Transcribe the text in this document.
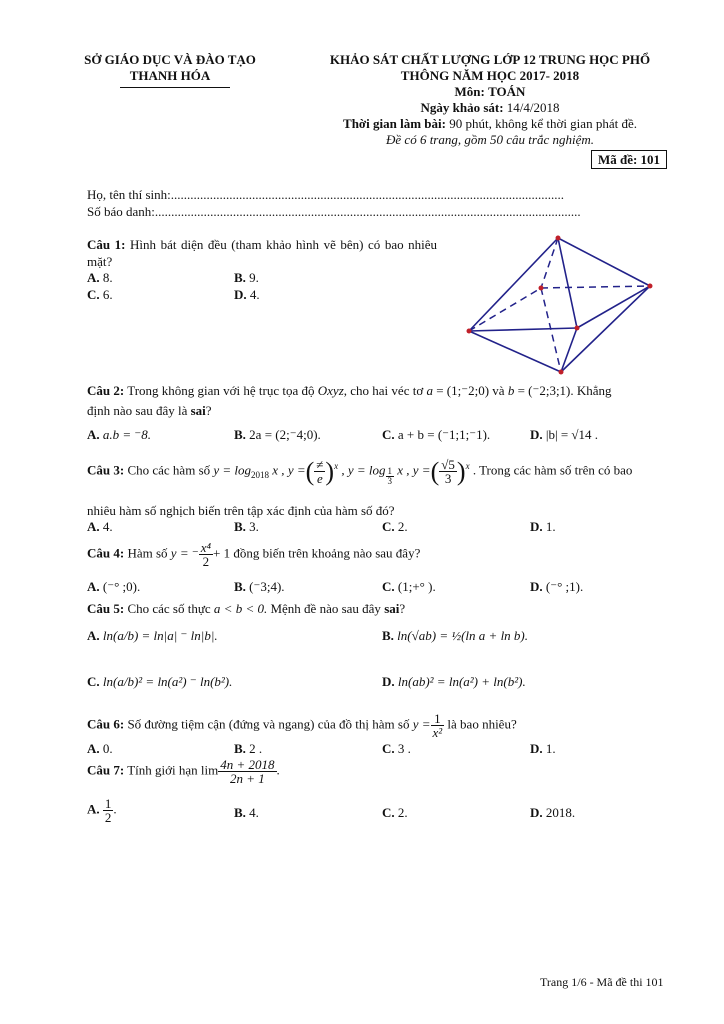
SỞ GIÁO DỤC VÀ ĐÀO TẠO
THANH HÓA
KHẢO SÁT CHẤT LƯỢNG LỚP 12 TRUNG HỌC PHỔ
THÔNG NĂM HỌC 2017- 2018
Môn: TOÁN
Ngày khảo sát: 14/4/2018
Thời gian làm bài: 90 phút, không kể thời gian phát đề.
Đề có 6 trang, gồm 50 câu trắc nghiệm.
Mã đề: 101
Họ, tên thí sinh:.........................................................................................................................
Số báo danh:...................................................................................................................................
Câu 1: Hình bát diện đều (tham khảo hình vẽ bên) có bao nhiêu mặt?
A. 8.	B. 9.
C. 6.	D. 4.
Câu 2: Trong không gian với hệ trục tọa độ Oxyz, cho hai véc tơ a = (1;⁻2;0) và b = (⁻2;3;1). Khẳng
định nào sau đây là sai?
A. a.b = ⁻8.	B. 2a = (2;⁻4;0).	C. a + b = (⁻1;1;⁻1).	D. |b| = √14 .
Câu 3: Cho các hàm số $y = \log_{2018} x$ , y =( $\frac{\ne}{e} )^x$ , y = log $_{\frac{1}{3}}$ x , y =( $\frac{√5}{3} )^x$ . Trong các hàm số trên có bao
nhiêu hàm số nghịch biến trên tập xác định của hàm số đó?
A. 4.	B. 3.	C. 2.	D. 1.
Câu 4: Hàm số y = ⁻ $\frac{\text{x⁴}}{2} + 1$ đồng biến trên khoảng nào sau đây?
A. (⁻° ;0).	B. (⁻3;4).	C. (1;+° ).	D. (⁻° ;1).
Câu 5: Cho các số thực a < b < 0. Mệnh đề nào sau đây sai?
A. ln(a/b) = ln|a| ⁻ ln|b|.	B. ln(√ab) = ½(ln a + ln b).
C. ln(a/b)² = ln(a²) ⁻ ln(b²).	D. ln(ab)² = ln(a²) + ln(b²).
Câu 6: Số đường tiệm cận (đứng và ngang) của đồ thị hàm số $y = \frac{1}{\text{x²}}$ là bao nhiêu?
A. 0.	B. 2 .	C. 3 .	D. 1.
Câu 7: Tính giới hạn $\lim \frac{4n + 2018}{2n + 1}$ .
A. $\frac{1}{2}$ .	B. 4.	C. 2.	D. 2018.
Trang 1/6 - Mã đề thi 101
